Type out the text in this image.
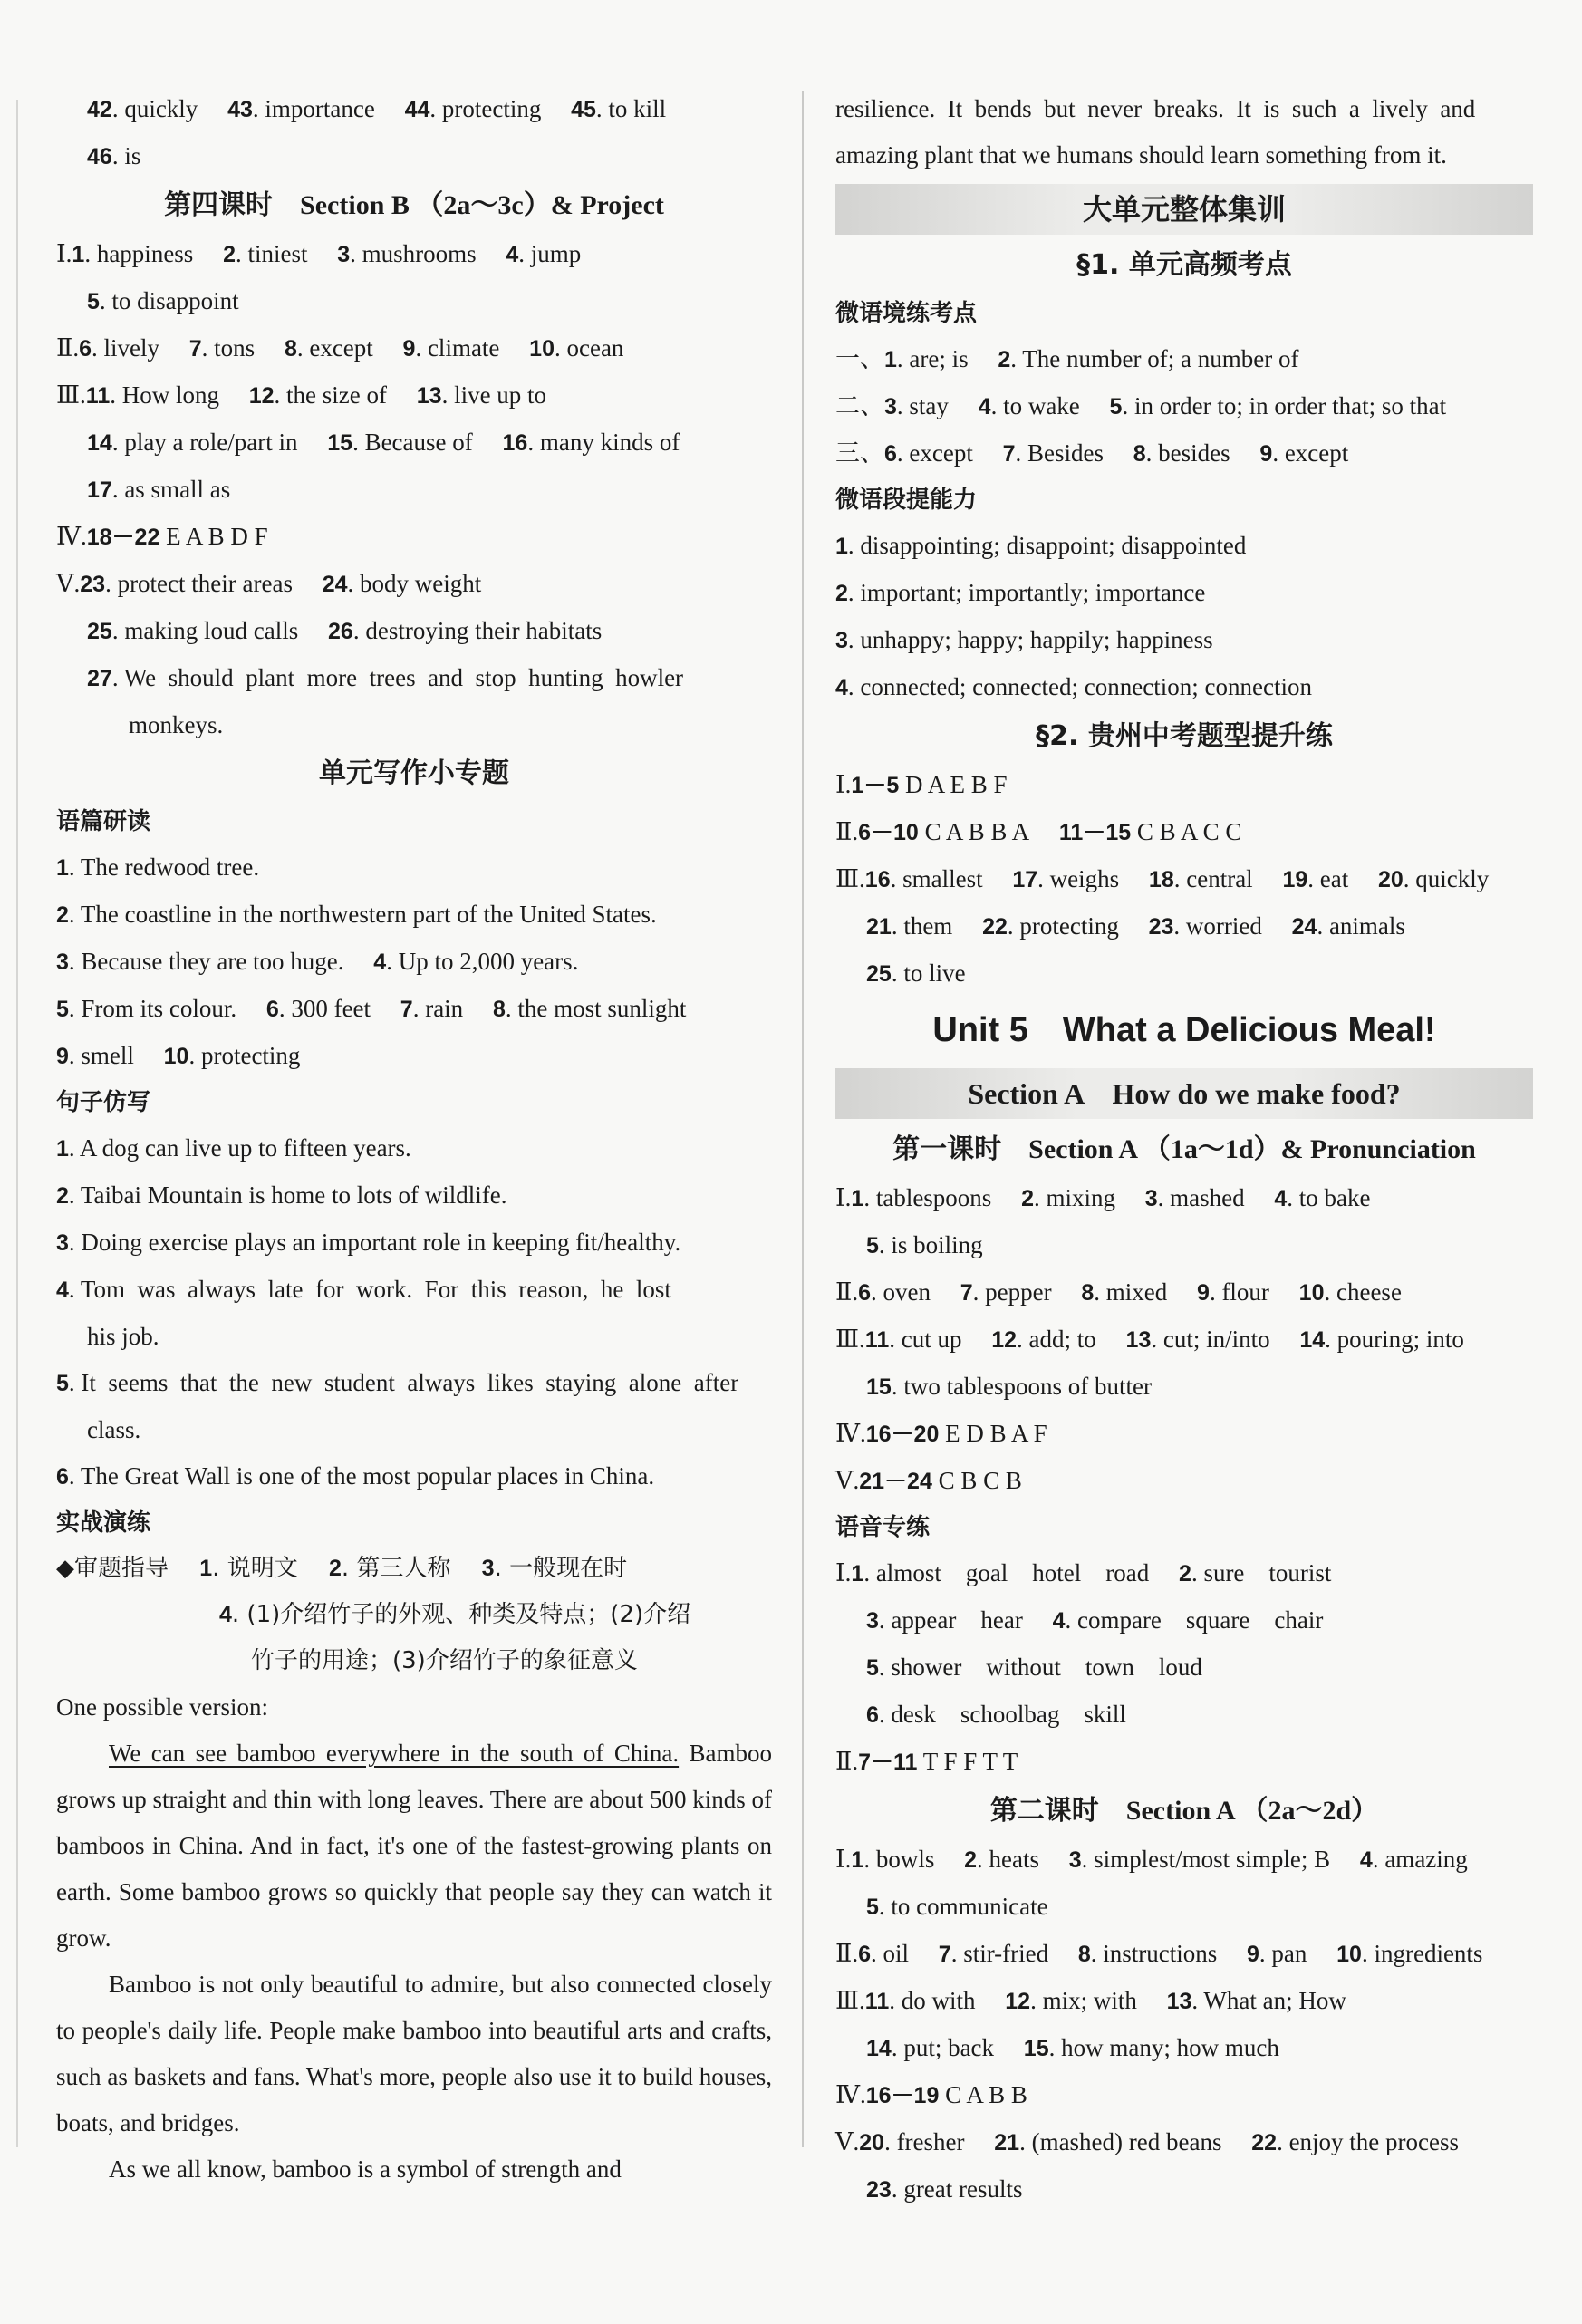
42. quickly 43. importance 44. protecting 45. to kill
46. is
第四课时　Section B （2a～3c）& Project
Ⅰ.1. happiness 2. tiniest 3. mushrooms 4. jump
5. to disappoint
Ⅱ.6. lively 7. tons 8. except 9. climate 10. ocean
Ⅲ.11. How long 12. the size of 13. live up to
14. play a role/part in 15. Because of 16. many kinds of
17. as small as
Ⅳ.18－22 E A B D F
Ⅴ.23. protect their areas 24. body weight
25. making loud calls 26. destroying their habitats
27. We  should  plant  more  trees  and  stop  hunting  howler
monkeys.
单元写作小专题
语篇研读
1. The redwood tree.
2. The coastline in the northwestern part of the United States.
3. Because they are too huge. 4. Up to 2,000 years.
5. From its colour. 6. 300 feet 7. rain 8. the most sunlight
9. smell 10. protecting
句子仿写
1. A dog can live up to fifteen years.
2. Taibai Mountain is home to lots of wildlife.
3. Doing exercise plays an important role in keeping fit/healthy.
4. Tom  was  always  late  for  work.  For  this  reason,  he  lost
his job.
5. It  seems  that  the  new  student  always  likes  staying  alone  after
class.
6. The Great Wall is one of the most popular places in China.
实战演练
◆审题指导 1. 说明文 2. 第三人称 3. 一般现在时
4. (1)介绍竹子的外观、种类及特点；(2)介绍
竹子的用途；(3)介绍竹子的象征意义
One possible version:
We can see bamboo everywhere in the south of China. Bamboo grows up straight and thin with long leaves. There are about 500 kinds of bamboos in China. And in fact, it's one of the fastest-growing plants on earth. Some bamboo grows so quickly that people say they can watch it grow.
Bamboo is not only beautiful to admire, but also connected closely to people's daily life. People make bamboo into beautiful arts and crafts, such as baskets and fans. What's more, people also use it to build houses, boats, and bridges.
As we all know, bamboo is a symbol of strength and
resilience.  It  bends  but  never  breaks.  It  is  such  a  lively  and
amazing plant that we humans should learn something from it.
大单元整体集训
§1. 单元高频考点
微语境练考点
一、1. are; is 2. The number of; a number of
二、3. stay 4. to wake 5. in order to; in order that; so that
三、6. except 7. Besides 8. besides 9. except
微语段提能力
1. disappointing; disappoint; disappointed
2. important; importantly; importance
3. unhappy; happy; happily; happiness
4. connected; connected; connection; connection
§2. 贵州中考题型提升练
Ⅰ.1－5 D A E B F
Ⅱ.6－10 C A B B A 11－15 C B A C C
Ⅲ.16. smallest 17. weighs 18. central 19. eat 20. quickly
21. them 22. protecting 23. worried 24. animals
25. to live
Unit 5　What a Delicious Meal!
Section A　How do we make food?
第一课时　Section A （1a～1d）& Pronunciation
Ⅰ.1. tablespoons 2. mixing 3. mashed 4. to bake
5. is boiling
Ⅱ.6. oven 7. pepper 8. mixed 9. flour 10. cheese
Ⅲ.11. cut up 12. add; to 13. cut; in/into 14. pouring; into
15. two tablespoons of butter
Ⅳ.16－20 E D B A F
Ⅴ.21－24 C B C B
语音专练
Ⅰ.1. almost　goal　hotel　road 2. sure　tourist
3. appear　hear 4. compare　square　chair
5. shower　without　town　loud
6. desk　schoolbag　skill
Ⅱ.7－11 T F F T T
第二课时　Section A （2a～2d）
Ⅰ.1. bowls 2. heats 3. simplest/most simple; B 4. amazing
5. to communicate
Ⅱ.6. oil 7. stir-fried 8. instructions 9. pan 10. ingredients
Ⅲ.11. do with 12. mix; with 13. What an; How
14. put; back 15. how many; how much
Ⅳ.16－19 C A B B
Ⅴ.20. fresher 21. (mashed) red beans 22. enjoy the process
23. great results
